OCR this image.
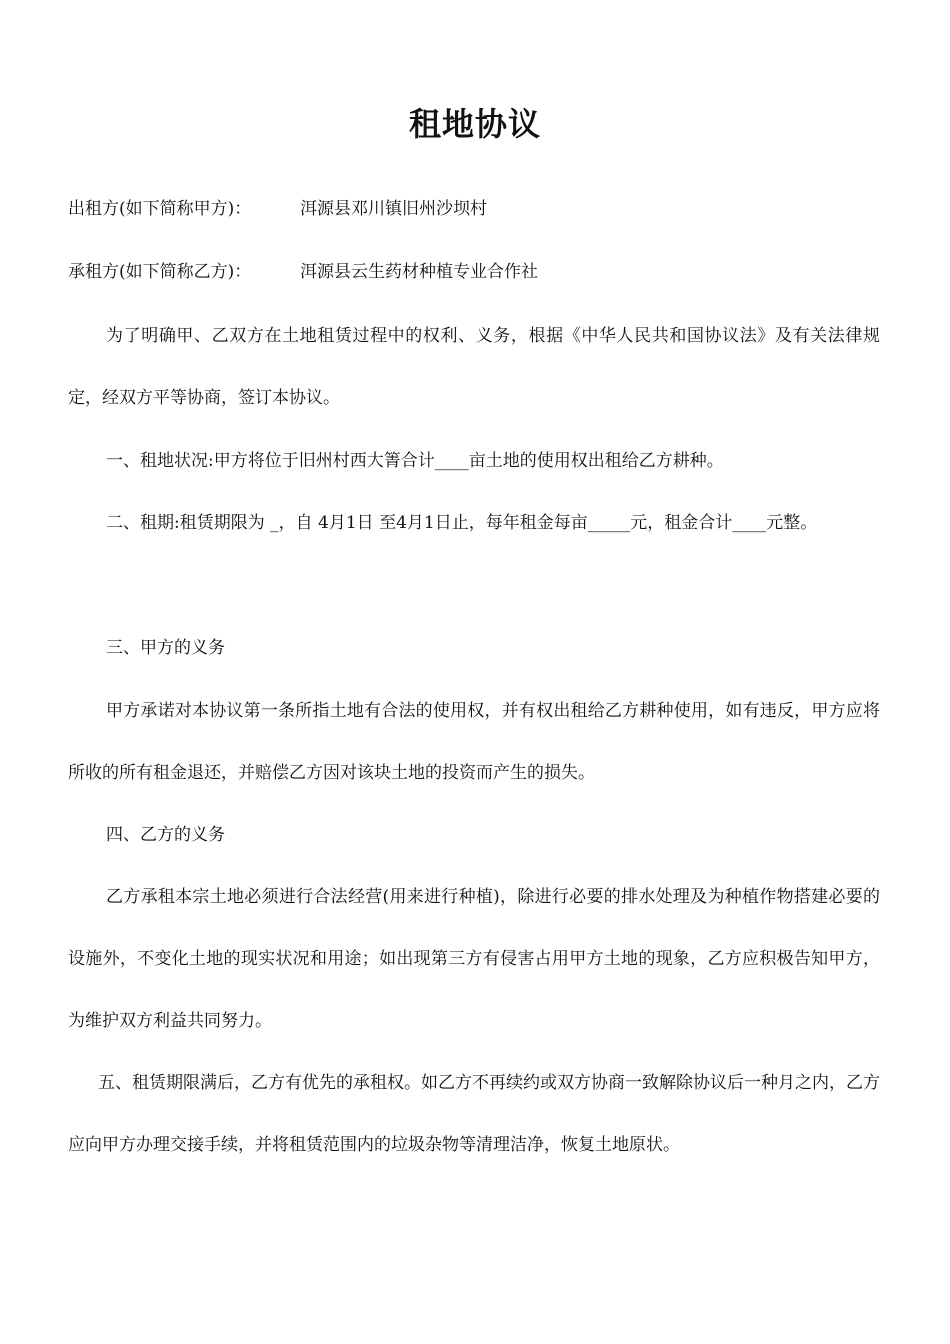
租地协议
出租方(如下简称甲方)：	洱源县邓川镇旧州沙坝村
承租方(如下简称乙方)：	洱源县云生药材种植专业合作社
为了明确甲、乙双方在土地租赁过程中的权利、义务，根据《中华人民共和国协议法》及有关法律规定，经双方平等协商，签订本协议。
一、租地状况:甲方将位于旧州村西大箐合计____亩土地的使用权出租给乙方耕种。
二、租期:租赁期限为 _，自 4月1日 至4月1日止，每年租金每亩_____元，租金合计____元整。
三、甲方的义务
甲方承诺对本协议第一条所指土地有合法的使用权，并有权出租给乙方耕种使用，如有违反，甲方应将所收的所有租金退还，并赔偿乙方因对该块土地的投资而产生的损失。
四、乙方的义务
乙方承租本宗土地必须进行合法经营(用来进行种植)，除进行必要的排水处理及为种植作物搭建必要的设施外，不变化土地的现实状况和用途；如出现第三方有侵害占用甲方土地的现象，乙方应积极告知甲方，为维护双方利益共同努力。
五、租赁期限满后，乙方有优先的承租权。如乙方不再续约或双方协商一致解除协议后一种月之内，乙方应向甲方办理交接手续，并将租赁范围内的垃圾杂物等清理洁净，恢复土地原状。
